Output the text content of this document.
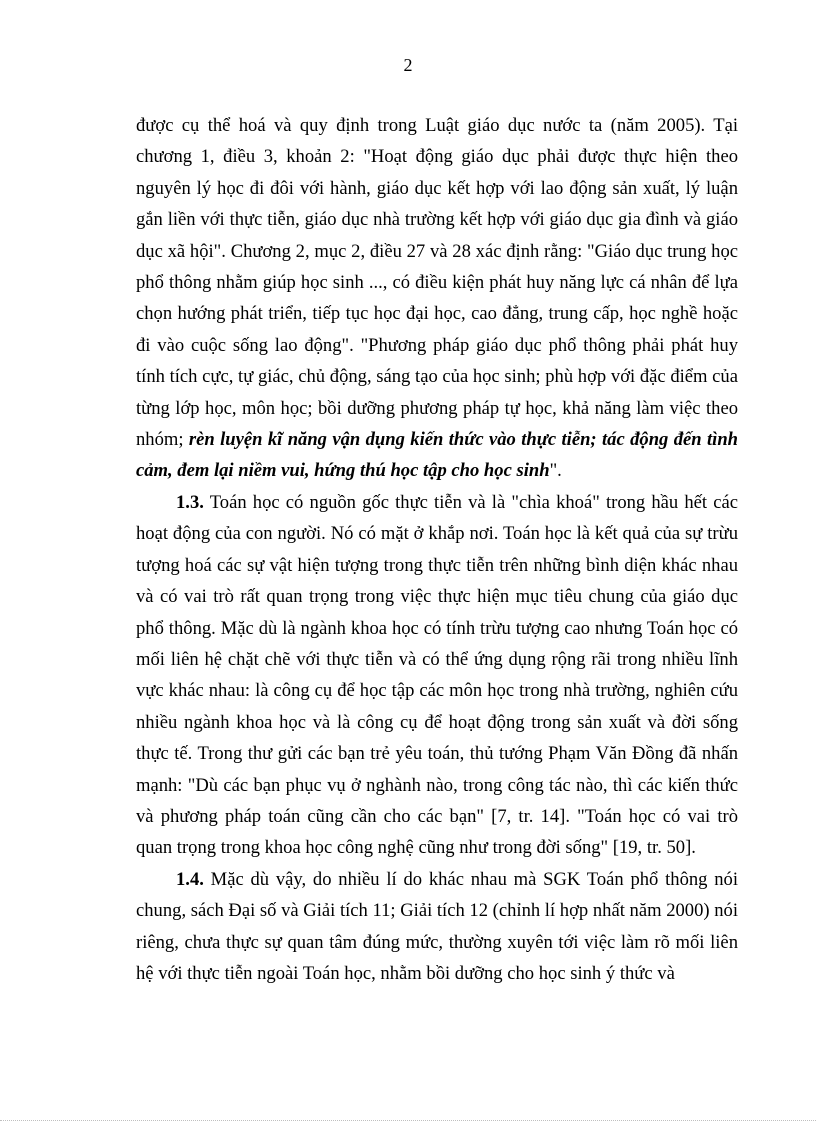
2

được cụ thể hoá và quy định trong Luật giáo dục nước ta (năm 2005). Tại chương 1, điều 3, khoản 2: "Hoạt động giáo dục phải được thực hiện theo nguyên lý học đi đôi với hành, giáo dục kết hợp với lao động sản xuất, lý luận gắn liền với thực tiễn, giáo dục nhà trường kết hợp với giáo dục gia đình và giáo dục xã hội". Chương 2, mục 2, điều 27 và 28 xác định rằng: "Giáo dục trung học phổ thông nhằm giúp học sinh ..., có điều kiện phát huy năng lực cá nhân để lựa chọn hướng phát triển, tiếp tục học đại học, cao đẳng, trung cấp, học nghề hoặc đi vào cuộc sống lao động". "Phương pháp giáo dục phổ thông phải phát huy tính tích cực, tự giác, chủ động, sáng tạo của học sinh; phù hợp với đặc điểm của từng lớp học, môn học; bồi dưỡng phương pháp tự học, khả năng làm việc theo nhóm; rèn luyện kĩ năng vận dụng kiến thức vào thực tiễn; tác động đến tình cảm, đem lại niềm vui, hứng thú học tập cho học sinh".

1.3. Toán học có nguồn gốc thực tiễn và là "chìa khoá" trong hầu hết các hoạt động của con người. Nó có mặt ở khắp nơi. Toán học là kết quả của sự trừu tượng hoá các sự vật hiện tượng trong thực tiễn trên những bình diện khác nhau và có vai trò rất quan trọng trong việc thực hiện mục tiêu chung của giáo dục phổ thông. Mặc dù là ngành khoa học có tính trừu tượng cao nhưng Toán học có mối liên hệ chặt chẽ với thực tiễn và có thể ứng dụng rộng rãi trong nhiều lĩnh vực khác nhau: là công cụ để học tập các môn học trong nhà trường, nghiên cứu nhiều ngành khoa học và là công cụ để hoạt động trong sản xuất và đời sống thực tế. Trong thư gửi các bạn trẻ yêu toán, thủ tướng Phạm Văn Đồng đã nhấn mạnh: "Dù các bạn phục vụ ở nghành nào, trong công tác nào, thì các kiến thức và phương pháp toán cũng cần cho các bạn" [7, tr. 14]. "Toán học có vai trò quan trọng trong khoa học công nghệ cũng như trong đời sống" [19, tr. 50].

1.4. Mặc dù vậy, do nhiều lí do khác nhau mà SGK Toán phổ thông nói chung, sách Đại số và Giải tích 11; Giải tích 12 (chỉnh lí hợp nhất năm 2000) nói riêng, chưa thực sự quan tâm đúng mức, thường xuyên tới việc làm rõ mối liên hệ với thực tiễn ngoài Toán học, nhằm bồi dưỡng cho học sinh ý thức và
